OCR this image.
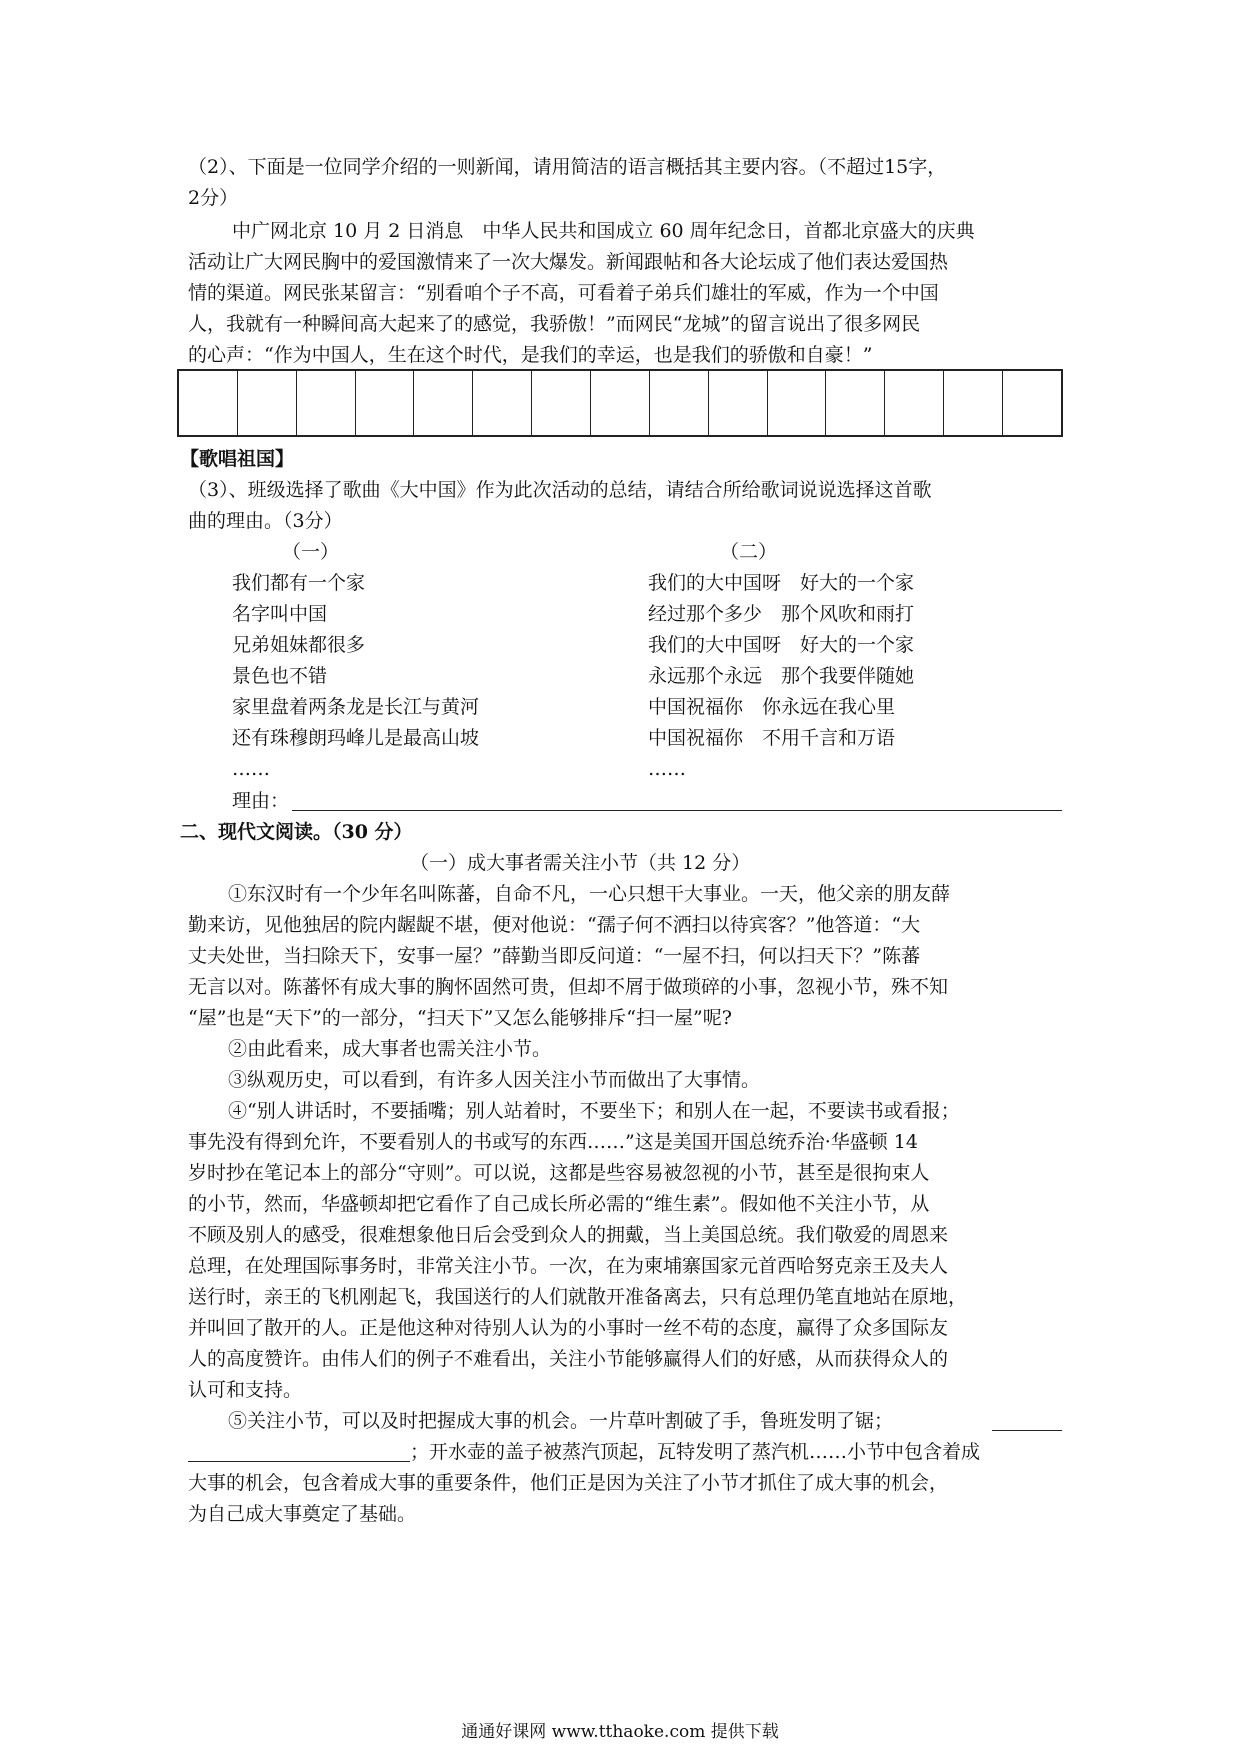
（2）、下面是一位同学介绍的一则新闻，请用简洁的语言概括其主要内容。（不超过15字，
2分）
中广网北京 10 月 2 日消息　中华人民共和国成立 60 周年纪念日，首都北京盛大的庆典
活动让广大网民胸中的爱国激情来了一次大爆发。新闻跟帖和各大论坛成了他们表达爱国热
情的渠道。网民张某留言：“别看咱个子不高，可看着子弟兵们雄壮的军威，作为一个中国
人，我就有一种瞬间高大起来了的感觉，我骄傲！”而网民“龙城”的留言说出了很多网民
的心声：“作为中国人，生在这个时代，是我们的幸运，也是我们的骄傲和自豪！”
【歌唱祖国】
（3）、班级选择了歌曲《大中国》作为此次活动的总结，请结合所给歌词说说选择这首歌
曲的理由。（3分）
（一）	（二）
我们都有一个家
名字叫中国
兄弟姐妹都很多
景色也不错
家里盘着两条龙是长江与黄河
还有珠穆朗玛峰儿是最高山坡
……
我们的大中国呀　好大的一个家
经过那个多少　那个风吹和雨打
我们的大中国呀　好大的一个家
永远那个永远　那个我要伴随她
中国祝福你　你永远在我心里
中国祝福你　不用千言和万语
……
理由：
二、现代文阅读。（30 分）
（一）成大事者需关注小节（共 12 分）
①东汉时有一个少年名叫陈蕃，自命不凡，一心只想干大事业。一天，他父亲的朋友薛
勤来访，见他独居的院内龌龊不堪，便对他说：“孺子何不洒扫以待宾客？”他答道：“大
丈夫处世，当扫除天下，安事一屋？”薛勤当即反问道：“一屋不扫，何以扫天下？”陈蕃
无言以对。陈蕃怀有成大事的胸怀固然可贵，但却不屑于做琐碎的小事，忽视小节，殊不知
“屋”也是“天下”的一部分，“扫天下”又怎么能够排斥“扫一屋”呢?
②由此看来，成大事者也需关注小节。
③纵观历史，可以看到，有许多人因关注小节而做出了大事情。
④“别人讲话时，不要插嘴；别人站着时，不要坐下；和别人在一起，不要读书或看报；
事先没有得到允许，不要看别人的书或写的东西……”这是美国开国总统乔治·华盛顿 14
岁时抄在笔记本上的部分“守则”。可以说，这都是些容易被忽视的小节，甚至是很拘束人
的小节，然而，华盛顿却把它看作了自己成长所必需的“维生素”。假如他不关注小节，从
不顾及别人的感受，很难想象他日后会受到众人的拥戴，当上美国总统。我们敬爱的周恩来
总理，在处理国际事务时，非常关注小节。一次，在为柬埔寨国家元首西哈努克亲王及夫人
送行时，亲王的飞机刚起飞，我国送行的人们就散开准备离去，只有总理仍笔直地站在原地，
并叫回了散开的人。正是他这种对待别人认为的小事时一丝不苟的态度，赢得了众多国际友
人的高度赞许。由伟人们的例子不难看出，关注小节能够赢得人们的好感，从而获得众人的
认可和支持。
⑤关注小节，可以及时把握成大事的机会。一片草叶割破了手，鲁班发明了锯；
；开水壶的盖子被蒸汽顶起，瓦特发明了蒸汽机……小节中包含着成
大事的机会，包含着成大事的重要条件，他们正是因为关注了小节才抓住了成大事的机会，
为自己成大事奠定了基础。
通通好课网 www.tthaoke.com 提供下载
